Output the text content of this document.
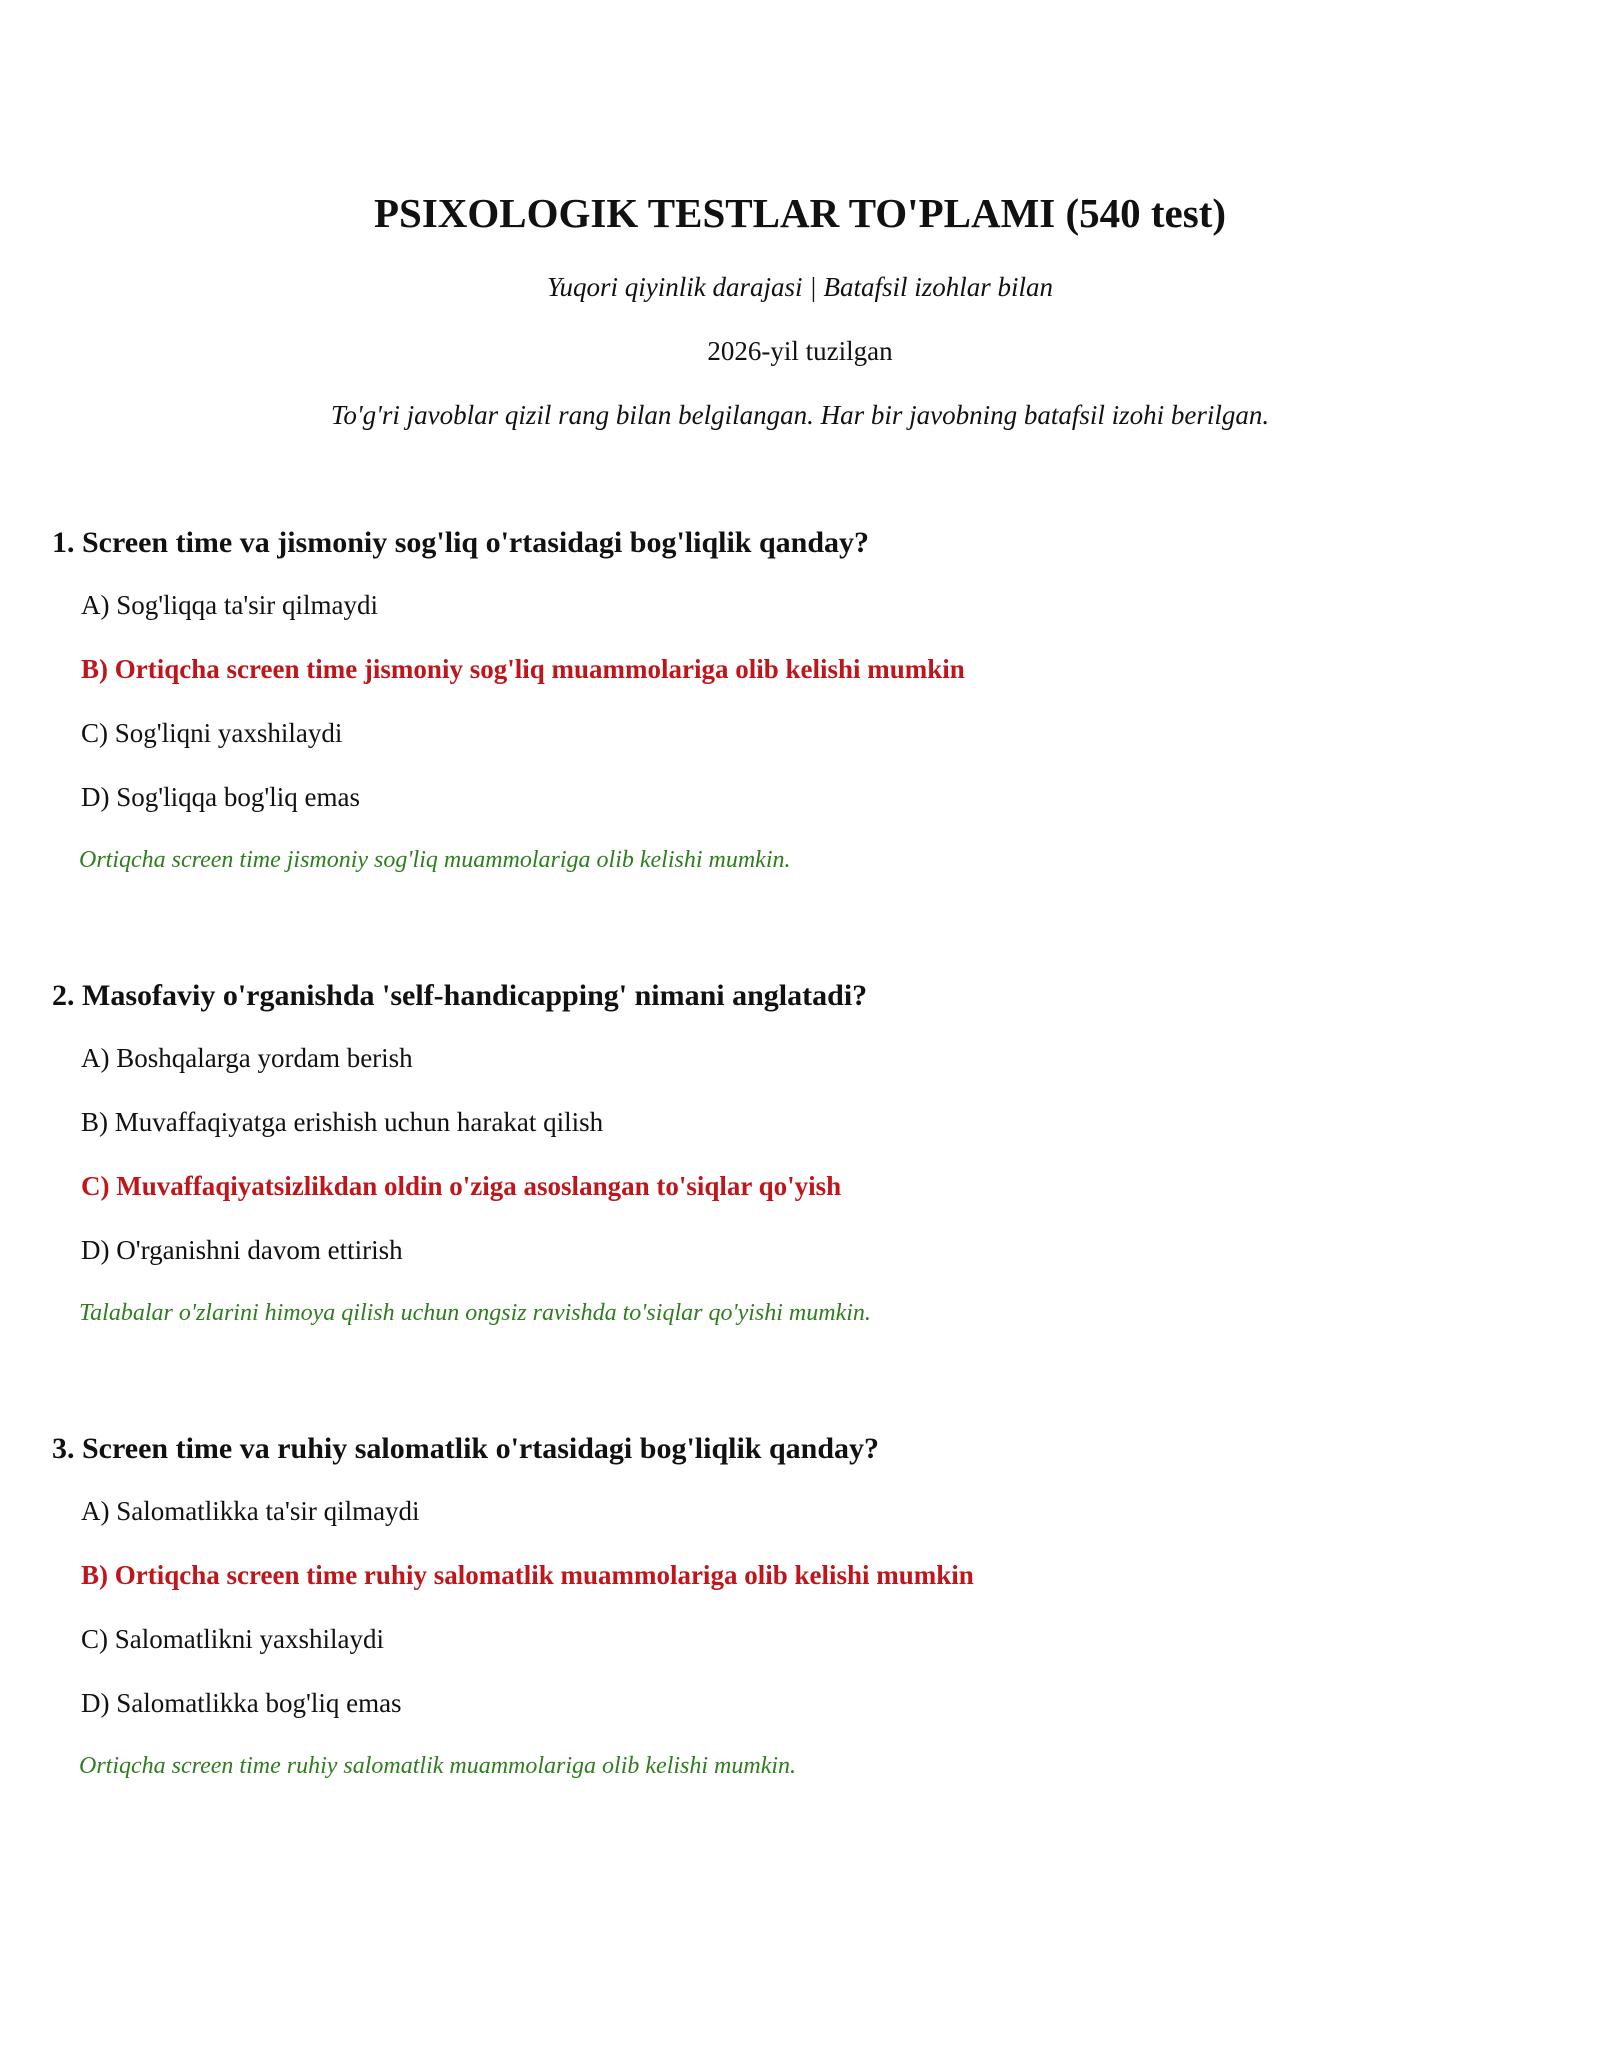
PSIXOLOGIK TESTLAR TO'PLAMI (540 test)
Yuqori qiyinlik darajasi | Batafsil izohlar bilan
2026-yil tuzilgan
To'g'ri javoblar qizil rang bilan belgilangan. Har bir javobning batafsil izohi berilgan.
1. Screen time va jismoniy sog'liq o'rtasidagi bog'liqlik qanday?
A) Sog'liqqa ta'sir qilmaydi
B) Ortiqcha screen time jismoniy sog'liq muammolariga olib kelishi mumkin
C) Sog'liqni yaxshilaydi
D) Sog'liqqa bog'liq emas
Ortiqcha screen time jismoniy sog'liq muammolariga olib kelishi mumkin.
2. Masofaviy o'rganishda 'self-handicapping' nimani anglatadi?
A) Boshqalarga yordam berish
B) Muvaffaqiyatga erishish uchun harakat qilish
C) Muvaffaqiyatsizlikdan oldin o'ziga asoslangan to'siqlar qo'yish
D) O'rganishni davom ettirish
Talabalar o'zlarini himoya qilish uchun ongsiz ravishda to'siqlar qo'yishi mumkin.
3. Screen time va ruhiy salomatlik o'rtasidagi bog'liqlik qanday?
A) Salomatlikka ta'sir qilmaydi
B) Ortiqcha screen time ruhiy salomatlik muammolariga olib kelishi mumkin
C) Salomatlikni yaxshilaydi
D) Salomatlikka bog'liq emas
Ortiqcha screen time ruhiy salomatlik muammolariga olib kelishi mumkin.
